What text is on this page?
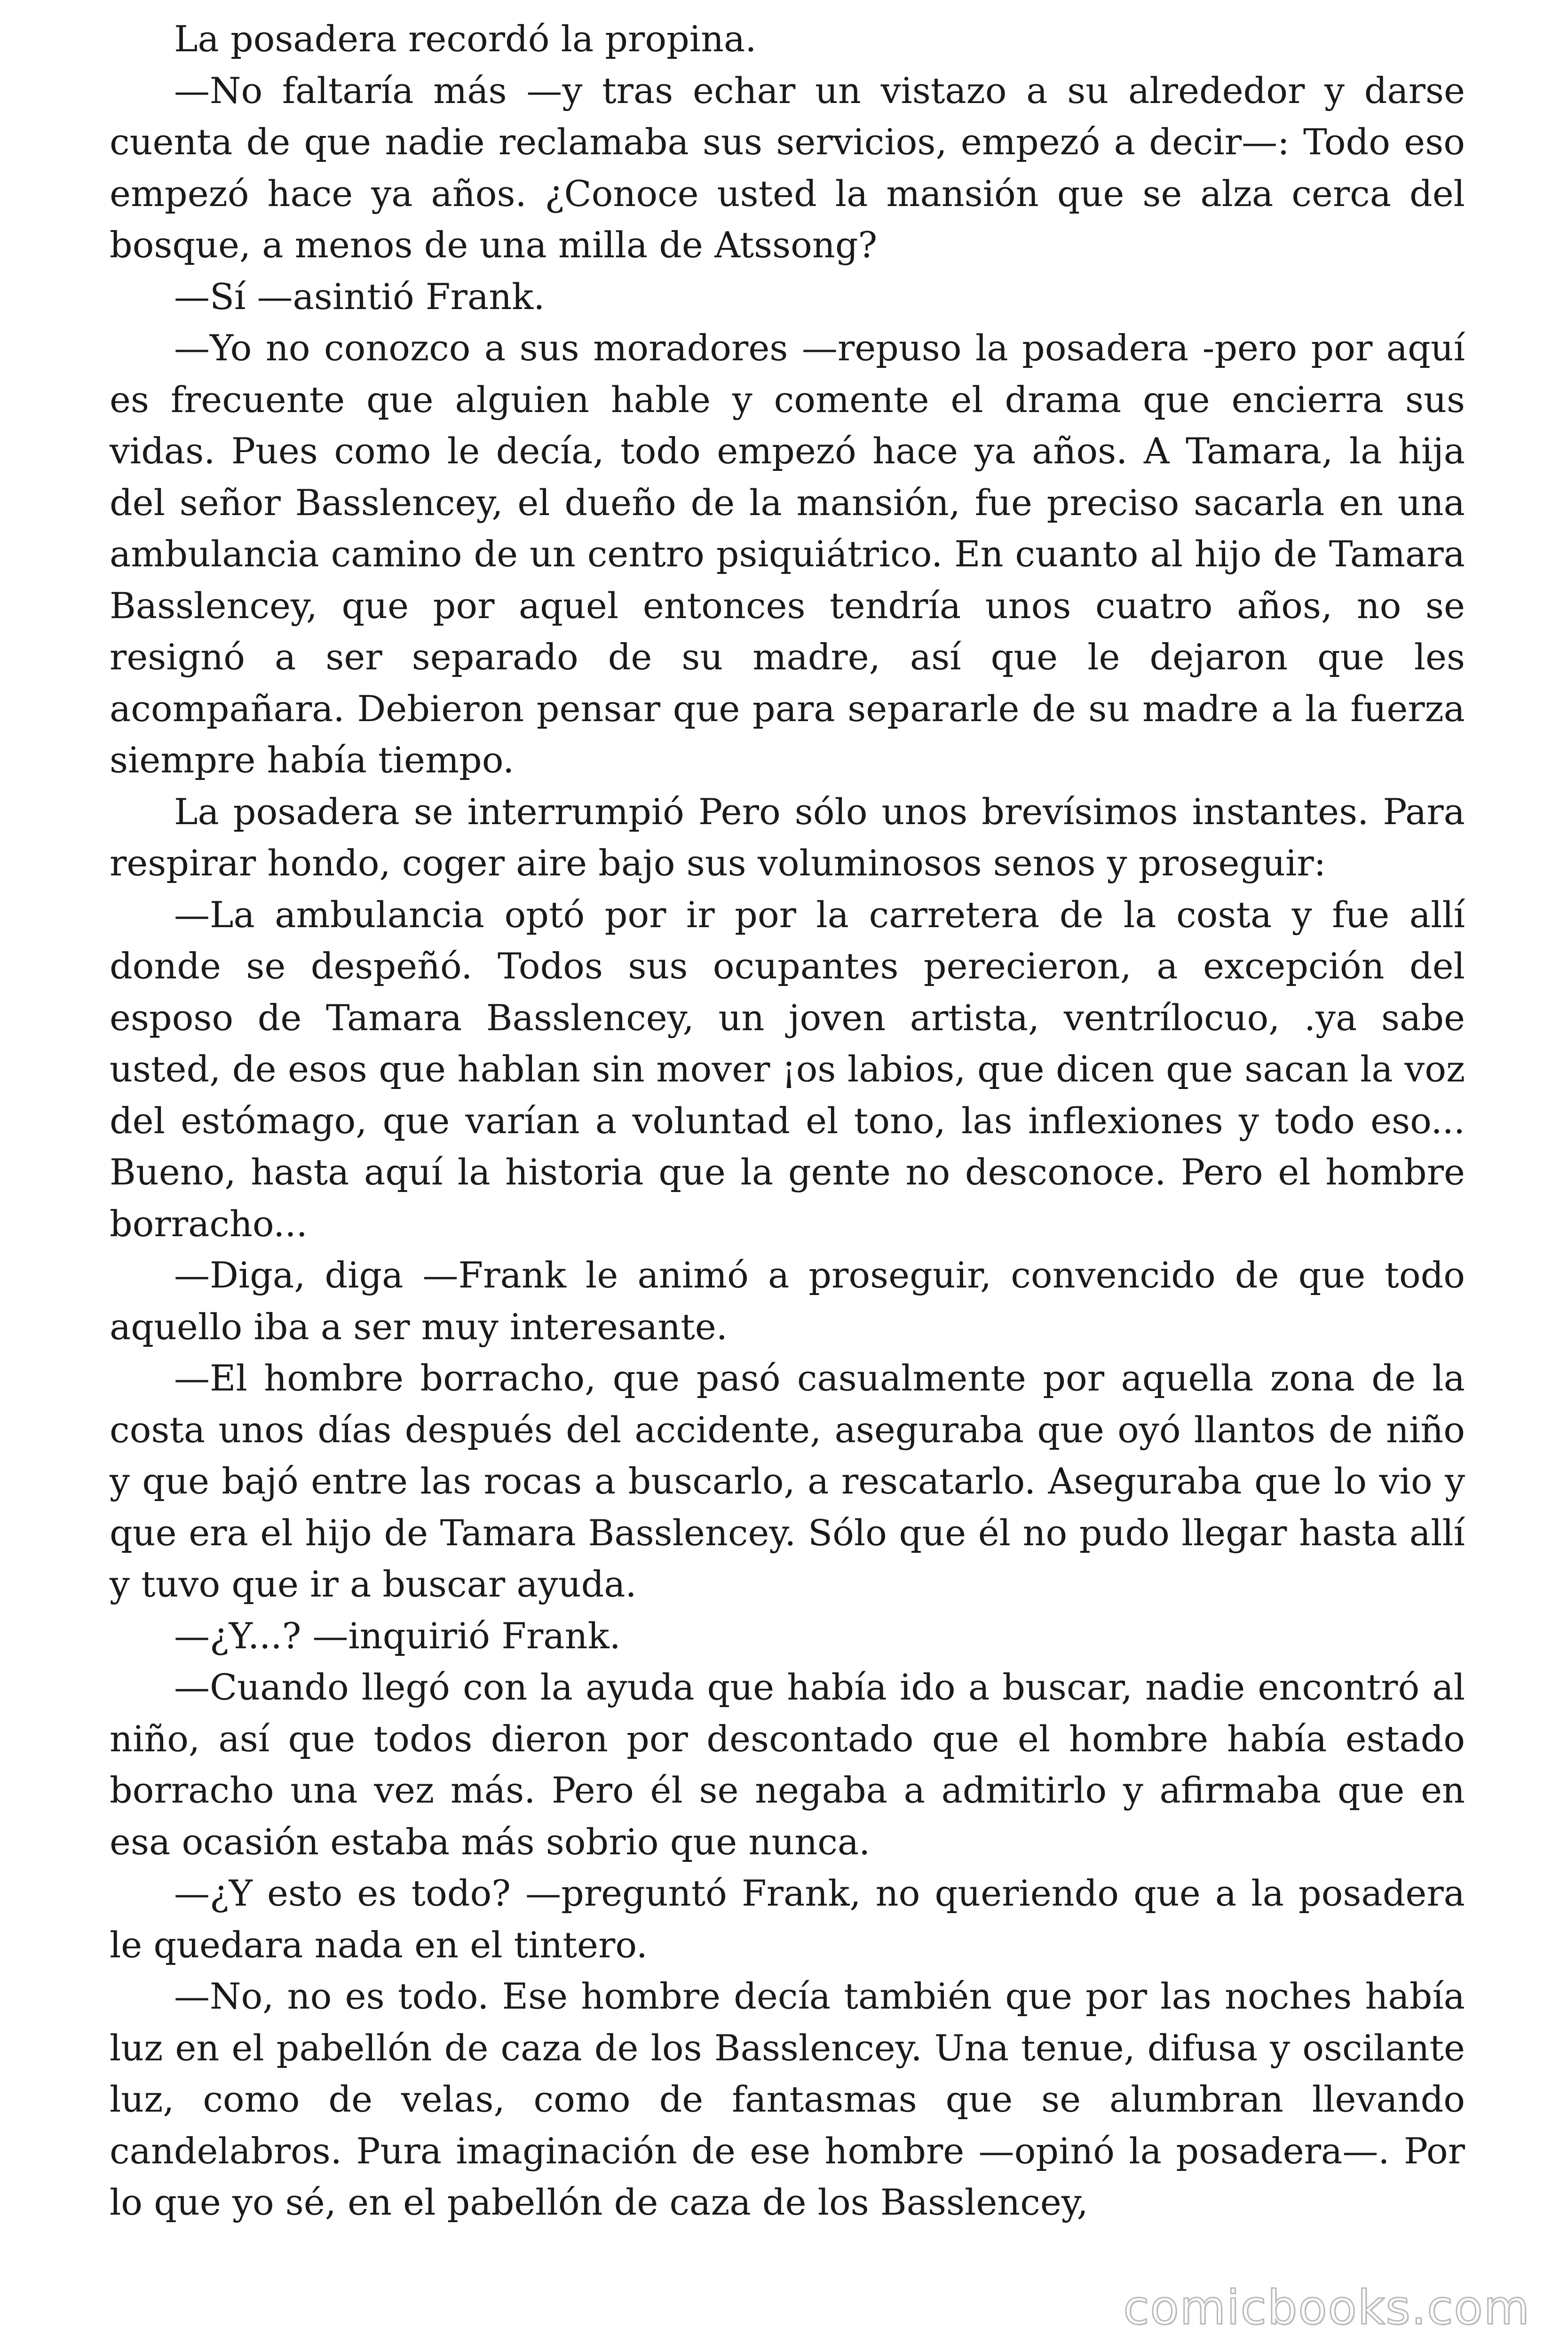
La posadera recordó la propina.

—No faltaría más —y tras echar un vistazo a su alrededor y darse cuenta de que nadie reclamaba sus servicios, empezó a decir—: Todo eso empezó hace ya años. ¿Conoce usted la mansión que se alza cerca del bosque, a menos de una milla de Atssong?

—Sí —asintió Frank.

—Yo no conozco a sus moradores —repuso la posadera -pero por aquí es frecuente que alguien hable y comente el drama que encierra sus vidas. Pues como le decía, todo empezó hace ya años. A Tamara, la hija del señor Basslencey, el dueño de la mansión, fue preciso sacarla en una ambulancia camino de un centro psiquiátrico. En cuanto al hijo de Tamara Basslencey, que por aquel entonces tendría unos cuatro años, no se resignó a ser separado de su madre, así que le dejaron que les acompañara. Debieron pensar que para separarle de su madre a la fuerza siempre había tiempo.

La posadera se interrumpió Pero sólo unos brevísimos instantes. Para respirar hondo, coger aire bajo sus voluminosos senos y proseguir:

—La ambulancia optó por ir por la carretera de la costa y fue allí donde se despeñó. Todos sus ocupantes perecieron, a excepción del esposo de Tamara Basslencey, un joven artista, ventrílocuo, .ya sabe usted, de esos que hablan sin mover ¡os labios, que dicen que sacan la voz del estómago, que varían a voluntad el tono, las inflexiones y todo eso... Bueno, hasta aquí la historia que la gente no desconoce. Pero el hombre borracho...

—Diga, diga —Frank le animó a proseguir, convencido de que todo aquello iba a ser muy interesante.

—El hombre borracho, que pasó casualmente por aquella zona de la costa unos días después del accidente, aseguraba que oyó llantos de niño y que bajó entre las rocas a buscarlo, a rescatarlo. Aseguraba que lo vio y que era el hijo de Tamara Basslencey. Sólo que él no pudo llegar hasta allí y tuvo que ir a buscar ayuda.

—¿Y...? —inquirió Frank.

—Cuando llegó con la ayuda que había ido a buscar, nadie encontró al niño, así que todos dieron por descontado que el hombre había estado borracho una vez más. Pero él se negaba a admitirlo y afirmaba que en esa ocasión estaba más sobrio que nunca.

—¿Y esto es todo? —preguntó Frank, no queriendo que a la posadera le quedara nada en el tintero.

—No, no es todo. Ese hombre decía también que por las noches había luz en el pabellón de caza de los Basslencey. Una tenue, difusa y oscilante luz, como de velas, como de fantasmas que se alumbran llevando candelabros. Pura imaginación de ese hombre —opinó la posadera—. Por lo que yo sé, en el pabellón de caza de los Basslencey,

comicbooks.com
